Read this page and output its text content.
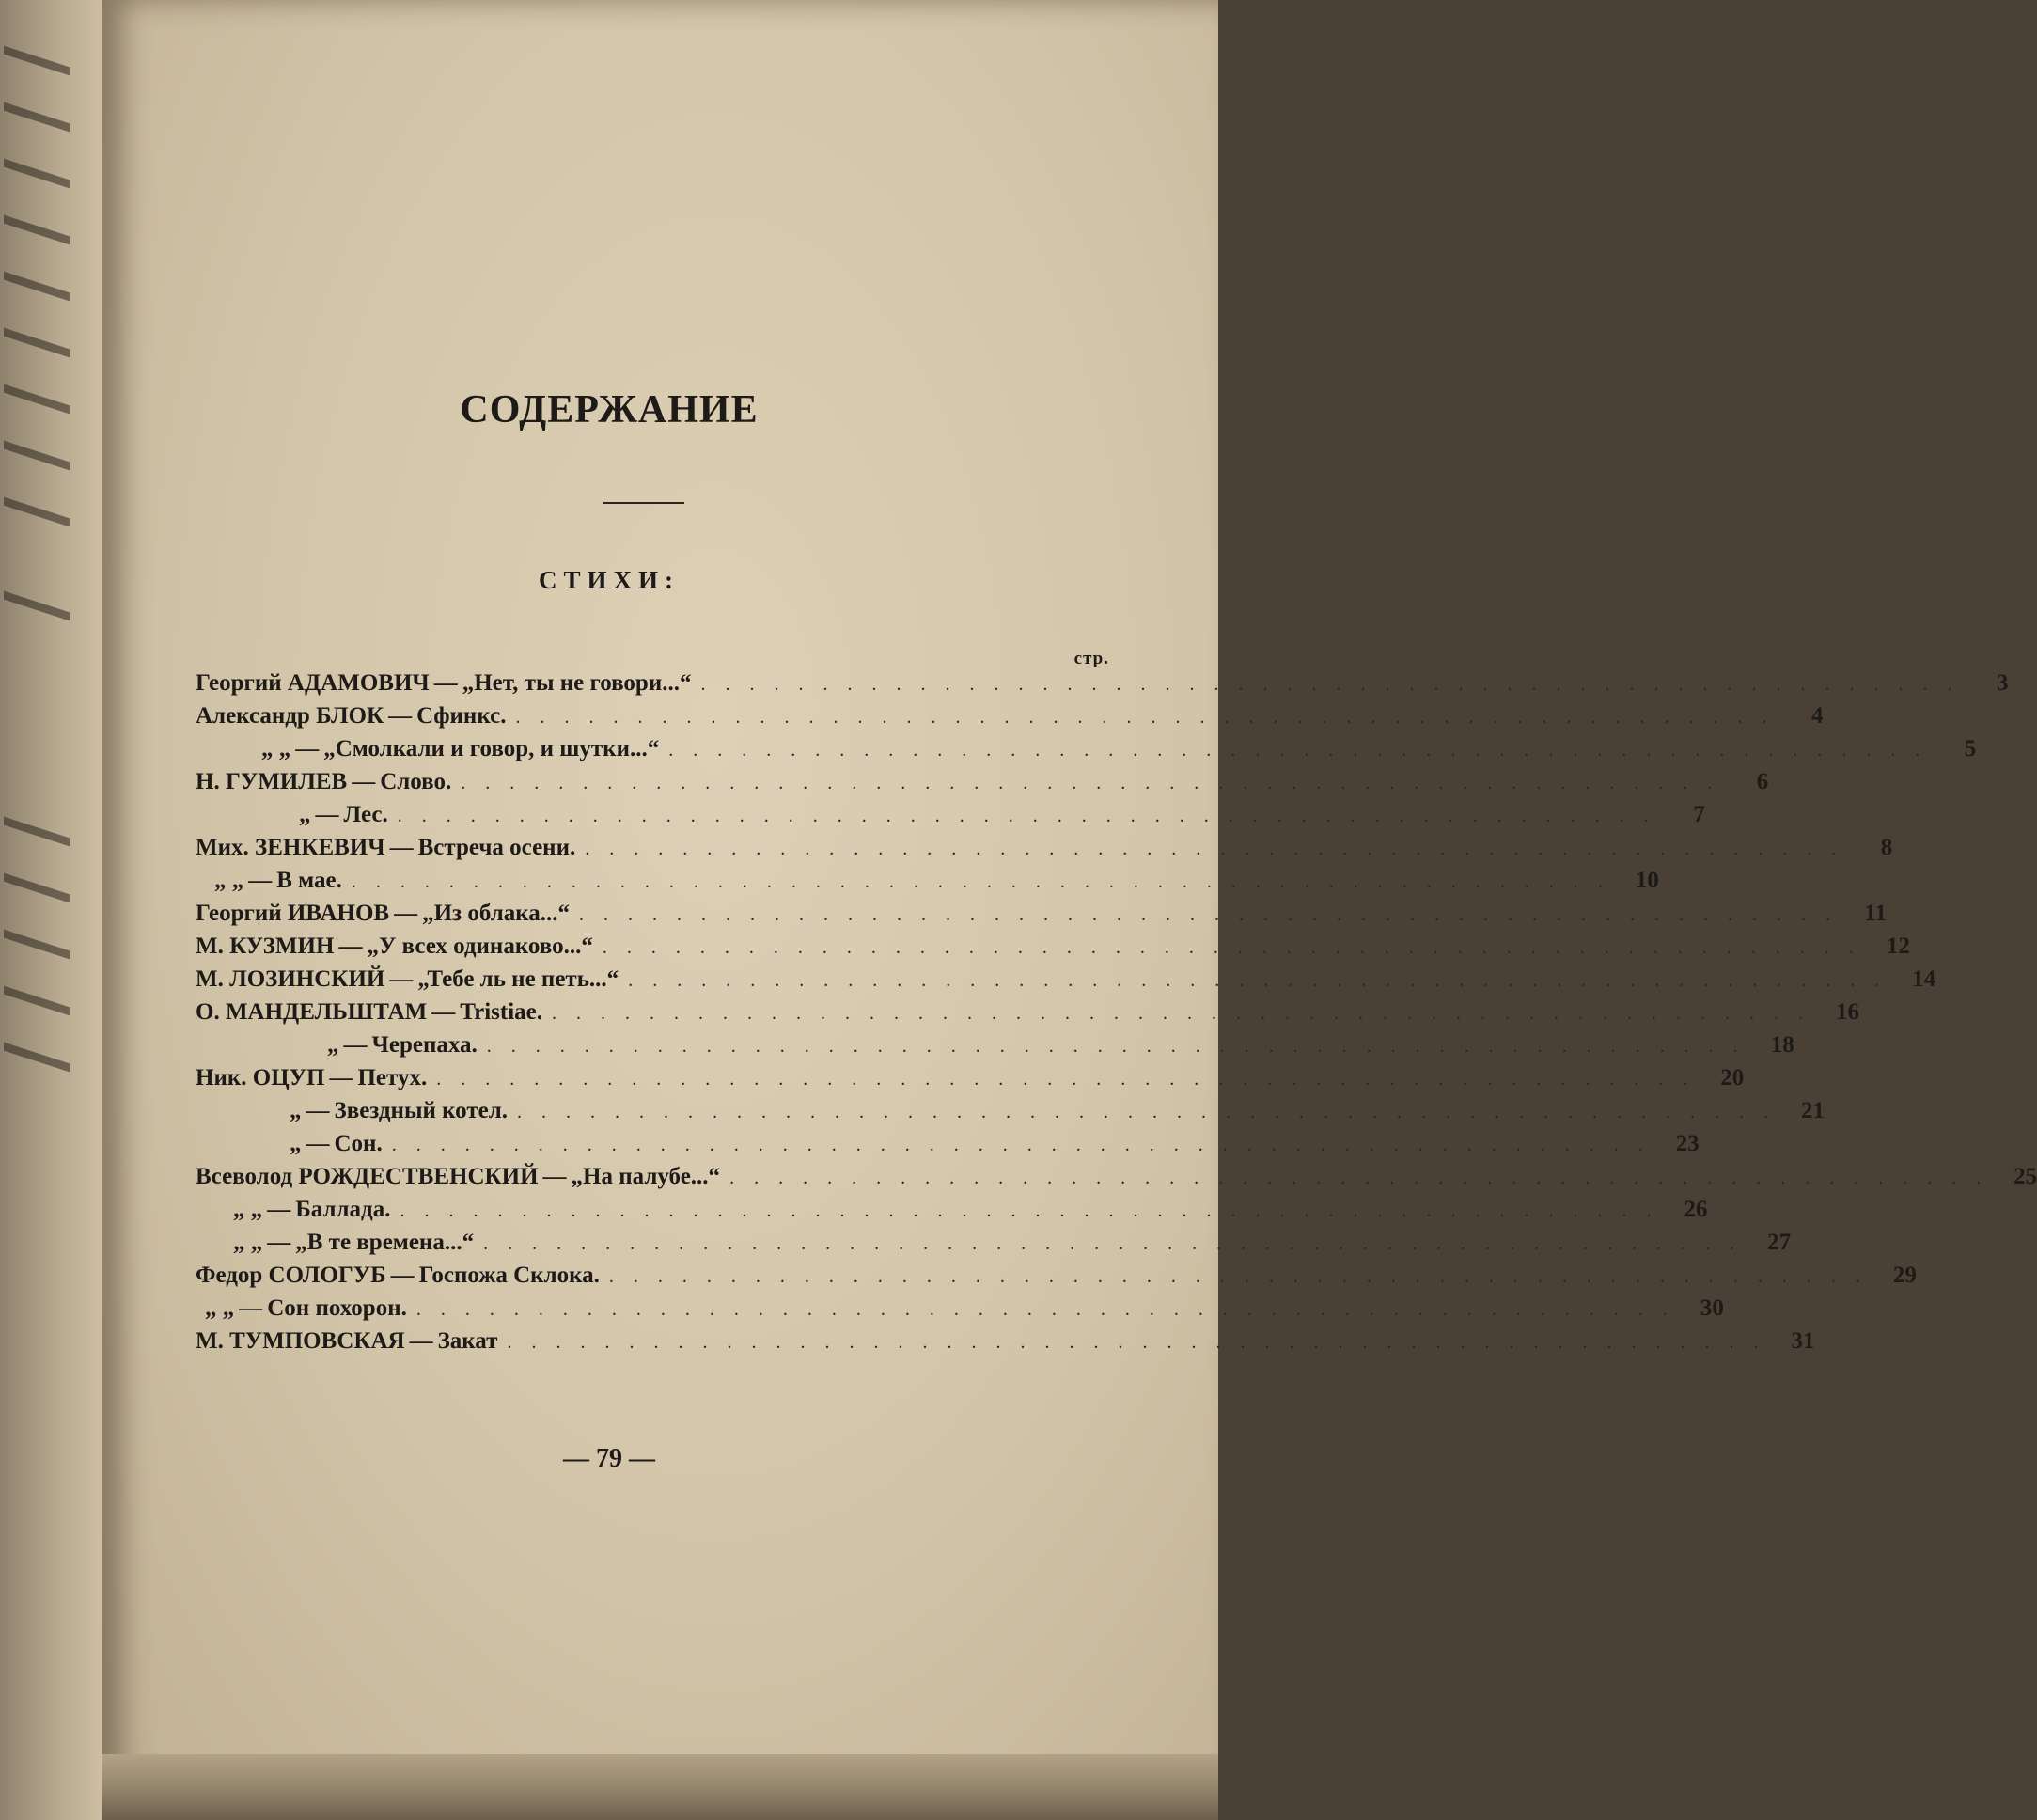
СОДЕРЖАНИЕ
СТИХИ:
стр.
Георгий АДАМОВИЧ — „Нет, ты не говори...“ . . . . . . . . . . . . . . . . . . . . . . . . . . . . . . . . . . . . . . . . . . . . . . . . . . . .	3
Александр БЛОК — Сфинкс. . . . . . . . . . . . . . . . . . . . . . . . . . . . . . . . . . . . . . . . . . . . . . . . . . . . .	4
„ „ — „Смолкали и говор, и шутки...“ . . . . . . . . . . . . . . . . . . . . . . . . . . . . . . . . . . . . . . . . . . . . . . . . . . . .	5
Н. ГУМИЛЕВ — Слово. . . . . . . . . . . . . . . . . . . . . . . . . . . . . . . . . . . . . . . . . . . . . . . . . . . . .	6
„ — Лес. . . . . . . . . . . . . . . . . . . . . . . . . . . . . . . . . . . . . . . . . . . . . . . . . . . . .	7
Мих. ЗЕНКЕВИЧ — Встреча осени. . . . . . . . . . . . . . . . . . . . . . . . . . . . . . . . . . . . . . . . . . . . . . . . . . . . .	8
„ „ — В мае. . . . . . . . . . . . . . . . . . . . . . . . . . . . . . . . . . . . . . . . . . . . . . . . . . . . .	10
Георгий ИВАНОВ — „Из облака...“ . . . . . . . . . . . . . . . . . . . . . . . . . . . . . . . . . . . . . . . . . . . . . . . . . . . .	11
М. КУЗМИН — „У всех одинаково...“ . . . . . . . . . . . . . . . . . . . . . . . . . . . . . . . . . . . . . . . . . . . . . . . . . . . .	12
М. ЛОЗИНСКИЙ — „Тебе ль не петь...“ . . . . . . . . . . . . . . . . . . . . . . . . . . . . . . . . . . . . . . . . . . . . . . . . . . . .	14
О. МАНДЕЛЬШТАМ — Tristiae. . . . . . . . . . . . . . . . . . . . . . . . . . . . . . . . . . . . . . . . . . . . . . . . . . . . .	16
„ — Черепаха. . . . . . . . . . . . . . . . . . . . . . . . . . . . . . . . . . . . . . . . . . . . . . . . . . . . .	18
Ник. ОЦУП — Петух. . . . . . . . . . . . . . . . . . . . . . . . . . . . . . . . . . . . . . . . . . . . . . . . . . . . .	20
„ — Звездный котел. . . . . . . . . . . . . . . . . . . . . . . . . . . . . . . . . . . . . . . . . . . . . . . . . . . . .	21
„ — Сон. . . . . . . . . . . . . . . . . . . . . . . . . . . . . . . . . . . . . . . . . . . . . . . . . . . . .	23
Всеволод РОЖДЕСТВЕНСКИЙ — „На палубе...“ . . . . . . . . . . . . . . . . . . . . . . . . . . . . . . . . . . . . . . . . . . . . . . . . . . . .	25
„ „ — Баллада. . . . . . . . . . . . . . . . . . . . . . . . . . . . . . . . . . . . . . . . . . . . . . . . . . . . .	26
„ „ — „В те времена...“ . . . . . . . . . . . . . . . . . . . . . . . . . . . . . . . . . . . . . . . . . . . . . . . . . . . .	27
Федор СОЛОГУБ — Госпожа Склока. . . . . . . . . . . . . . . . . . . . . . . . . . . . . . . . . . . . . . . . . . . . . . . . . . . . .	29
„ „ — Сон похорон. . . . . . . . . . . . . . . . . . . . . . . . . . . . . . . . . . . . . . . . . . . . . . . . . . . . .	30
М. ТУМПОВСКАЯ — Закат . . . . . . . . . . . . . . . . . . . . . . . . . . . . . . . . . . . . . . . . . . . . . . . . . . . .	31
— 79 —
